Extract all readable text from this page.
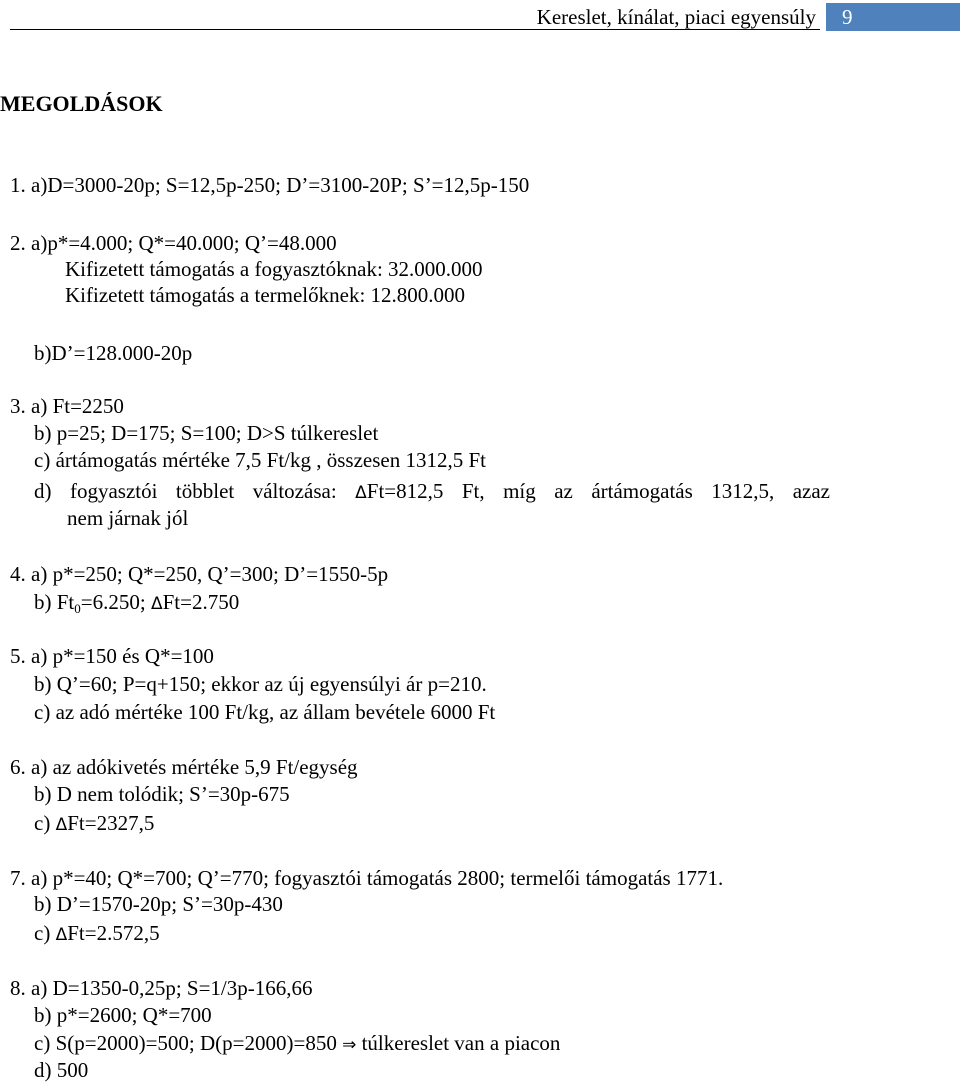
Kereslet, kínálat, piaci egyensúly 9
MEGOLDÁSOK
1. a)D=3000-20p; S=12,5p-250; D’=3100-20P; S’=12,5p-150
2. a)p*=4.000; Q*=40.000; Q’=48.000
Kifizetett támogatás a fogyasztóknak: 32.000.000
Kifizetett támogatás a termelőknek: 12.800.000
b)D’=128.000-20p
3. a) Ft=2250
b) p=25; D=175; S=100; D>S túlkereslet
c) ártámogatás mértéke 7,5 Ft/kg , összesen 1312,5 Ft
d) fogyasztói többlet változása: ΔFt=812,5 Ft, míg az ártámogatás 1312,5, azaz
nem járnak jól
4. a) p*=250; Q*=250, Q’=300; D’=1550-5p
b) $Ft_0=6.250$; ΔFt=2.750
5. a) p*=150 és Q*=100
b) Q’=60; P=q+150; ekkor az új egyensúlyi ár p=210.
c) az adó mértéke 100 Ft/kg, az állam bevétele 6000 Ft
6. a) az adókivetés mértéke 5,9 Ft/egység
b) D nem tolódik; S’=30p-675
c) ΔFt=2327,5
7. a) p*=40; Q*=700; Q’=770; fogyasztói támogatás 2800; termelői támogatás 1771.
b) D’=1570-20p; S’=30p-430
c) ΔFt=2.572,5
8. a) D=1350-0,25p; S=1/3p-166,66
b) p*=2600; Q*=700
c) S(p=2000)=500; D(p=2000)=850 ⇒ túlkereslet van a piacon
d) 500
